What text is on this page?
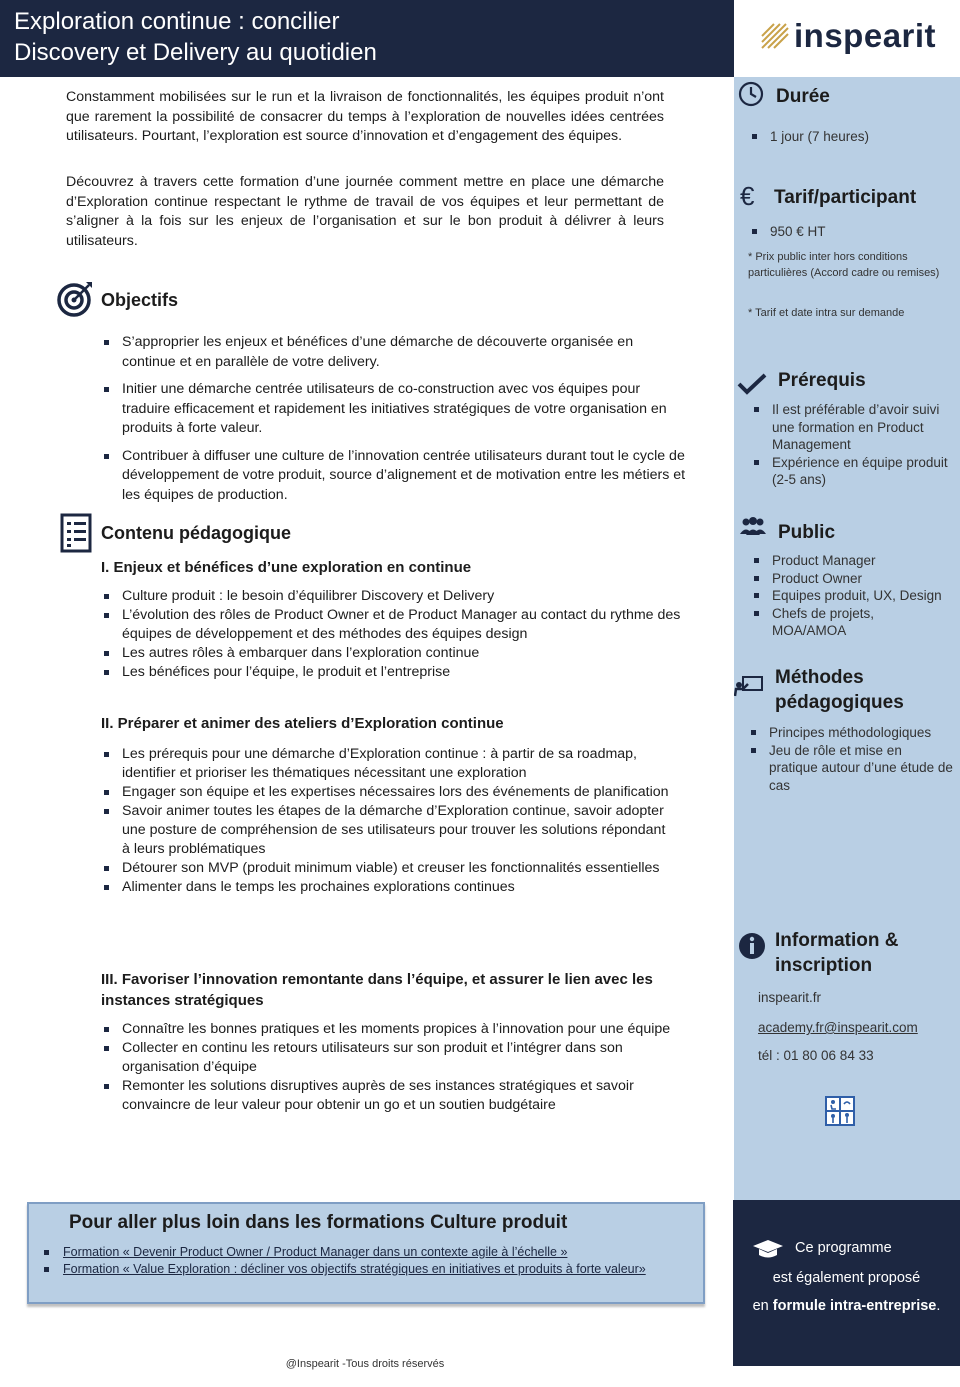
Exploration continue : concilier
Discovery et Delivery au quotidien	inspearit

Constamment mobilisées sur le run et la livraison de fonctionnalités, les équipes produit n’ont que rarement la possibilité de consacrer du temps à l’exploration de nouvelles idées centrées utilisateurs. Pourtant, l’exploration est source d’innovation et d’engagement des équipes.

Découvrez à travers cette formation d’une journée comment mettre en place une démarche d’Exploration continue respectant le rythme de travail de vos équipes et leur permettant de s’aligner à la fois sur les enjeux de l’organisation et sur le bon produit à délivrer à leurs utilisateurs.

Objectifs
S’approprier les enjeux et bénéfices d’une démarche de découverte organisée en continue et en parallèle de votre delivery.
Initier une démarche centrée utilisateurs de co-construction avec vos équipes pour traduire efficacement et rapidement les initiatives stratégiques de votre organisation en produits à forte valeur.
Contribuer à diffuser une culture de l’innovation centrée utilisateurs durant tout le cycle de développement de votre produit, source d’alignement et de motivation entre les métiers et les équipes de production.
Contenu pédagogique
I. Enjeux et bénéfices d’une exploration en continue
Culture produit : le besoin d’équilibrer Discovery et Delivery
L’évolution des rôles de Product Owner et de Product Manager au contact du rythme des équipes de développement et des méthodes des équipes design
Les autres rôles à embarquer dans l’exploration continue
Les bénéfices pour l’équipe, le produit et l’entreprise
II. Préparer et animer des ateliers d’Exploration continue
Les prérequis pour une démarche d’Exploration continue : à partir de sa roadmap, identifier et prioriser les thématiques nécessitant une exploration
Engager son équipe et les expertises nécessaires lors des événements de planification
Savoir animer toutes les étapes de la démarche d’Exploration continue, savoir adopter une posture de compréhension de ses utilisateurs pour trouver les solutions répondant à leurs problématiques
Détourer son MVP (produit minimum viable) et creuser les fonctionnalités essentielles
Alimenter dans le temps les prochaines explorations continues
III. Favoriser l’innovation remontante dans l’équipe, et assurer le lien avec les instances stratégiques
Connaître les bonnes pratiques et les moments propices à l’innovation pour une équipe
Collecter en continu les retours utilisateurs sur son produit et l’intégrer dans son organisation d’équipe
Remonter les solutions disruptives auprès de ses instances stratégiques et savoir convaincre de leur valeur pour obtenir un go et un soutien budgétaire
Durée
1 jour (7 heures)
€ Tarif/participant
950 € HT
* Prix public inter hors conditions particulières (Accord cadre ou remises)
* Tarif et date intra sur demande
Prérequis
Il est préférable d’avoir suivi une formation en Product Management
Expérience en équipe produit (2-5 ans)
Public
Product Manager
Product Owner
Equipes produit, UX, Design
Chefs de projets, MOA/AMOA
Méthodes
pédagogiques
Principes méthodologiques
Jeu de rôle et mise en pratique autour d’une étude de cas
Information &
inscription
inspearit.fr
academy.fr@inspearit.com
tél : 01 80 06 84 33
Pour aller plus loin dans les formations Culture produit
Formation « Devenir Product Owner / Product Manager dans un contexte agile à l’échelle »
Formation « Value Exploration : décliner vos objectifs stratégiques en initiatives et produits à forte valeur»
Ce programme
est également proposé
en formule intra-entreprise.
@Inspearit -Tous droits réservés
